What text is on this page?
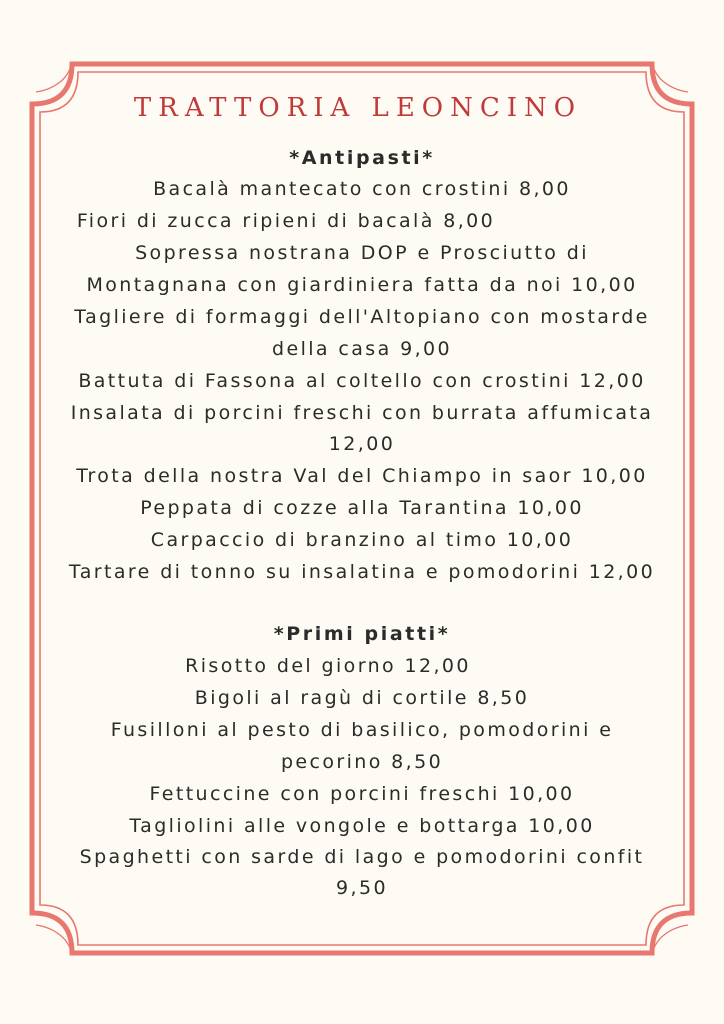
TRATTORIA LEONCINO
*Antipasti*
Bacalà mantecato con crostini 8,00
Fiori di zucca ripieni di bacalà 8,00
Sopressa nostrana DOP e Prosciutto di
Montagnana con giardiniera fatta da noi 10,00
Tagliere di formaggi dell'Altopiano con mostarde
della casa 9,00
Battuta di Fassona al coltello con crostini 12,00
Insalata di porcini freschi con burrata affumicata
12,00
Trota della nostra Val del Chiampo in saor 10,00
Peppata di cozze alla Tarantina 10,00
Carpaccio di branzino al timo 10,00
Tartare di tonno su insalatina e pomodorini 12,00
*Primi piatti*
Risotto del giorno 12,00
Bigoli al ragù di cortile 8,50
Fusilloni al pesto di basilico, pomodorini e
pecorino 8,50
Fettuccine con porcini freschi 10,00
Tagliolini alle vongole e bottarga 10,00
Spaghetti con sarde di lago e pomodorini confit
9,50
